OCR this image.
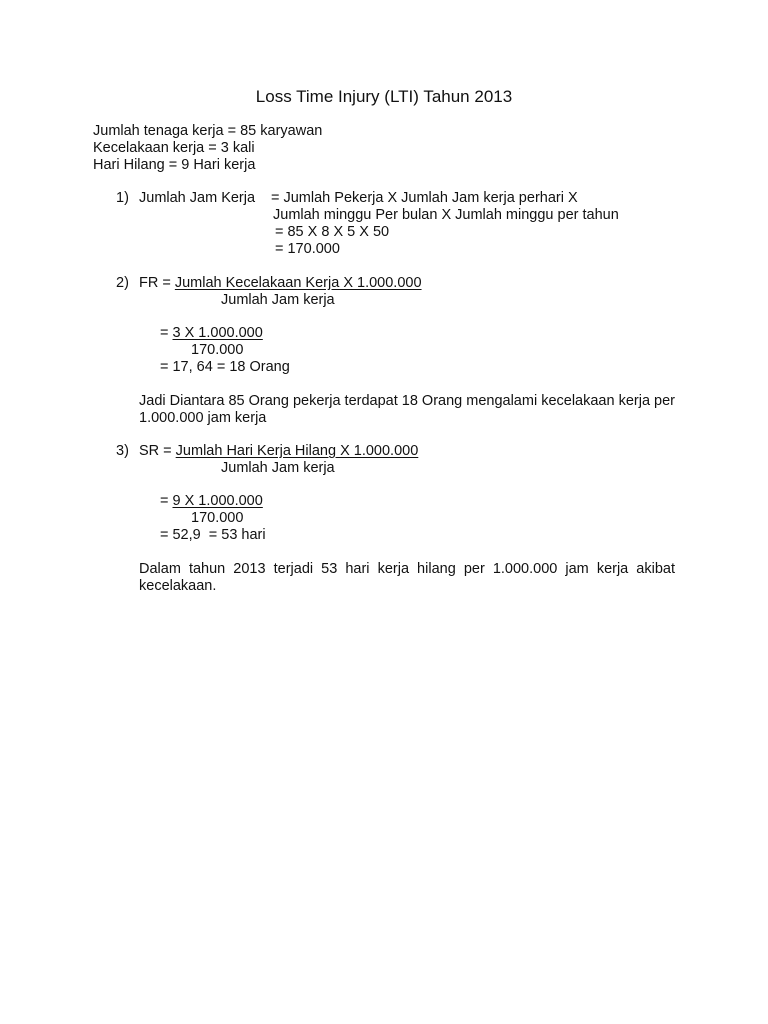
Loss Time Injury (LTI) Tahun 2013
Jumlah tenaga kerja = 85 karyawan
Kecelakaan kerja = 3 kali
Hari Hilang = 9 Hari kerja
1) Jumlah Jam Kerja = Jumlah Pekerja X Jumlah Jam kerja perhari X
Jumlah minggu Per bulan X Jumlah minggu per tahun
= 85 X 8 X 5 X 50
= 170.000
2) FR = Jumlah Kecelakaan Kerja X 1.000.000
Jumlah Jam kerja
= 3 X 1.000.000
170.000
= 17, 64 = 18 Orang
Jadi Diantara 85 Orang pekerja terdapat 18 Orang mengalami kecelakaan kerja per 1.000.000 jam kerja
3) SR = Jumlah Hari Kerja Hilang X 1.000.000
Jumlah Jam kerja
= 9 X 1.000.000
170.000
= 52,9  = 53 hari
Dalam tahun 2013 terjadi 53 hari kerja hilang per 1.000.000 jam kerja akibat kecelakaan.
